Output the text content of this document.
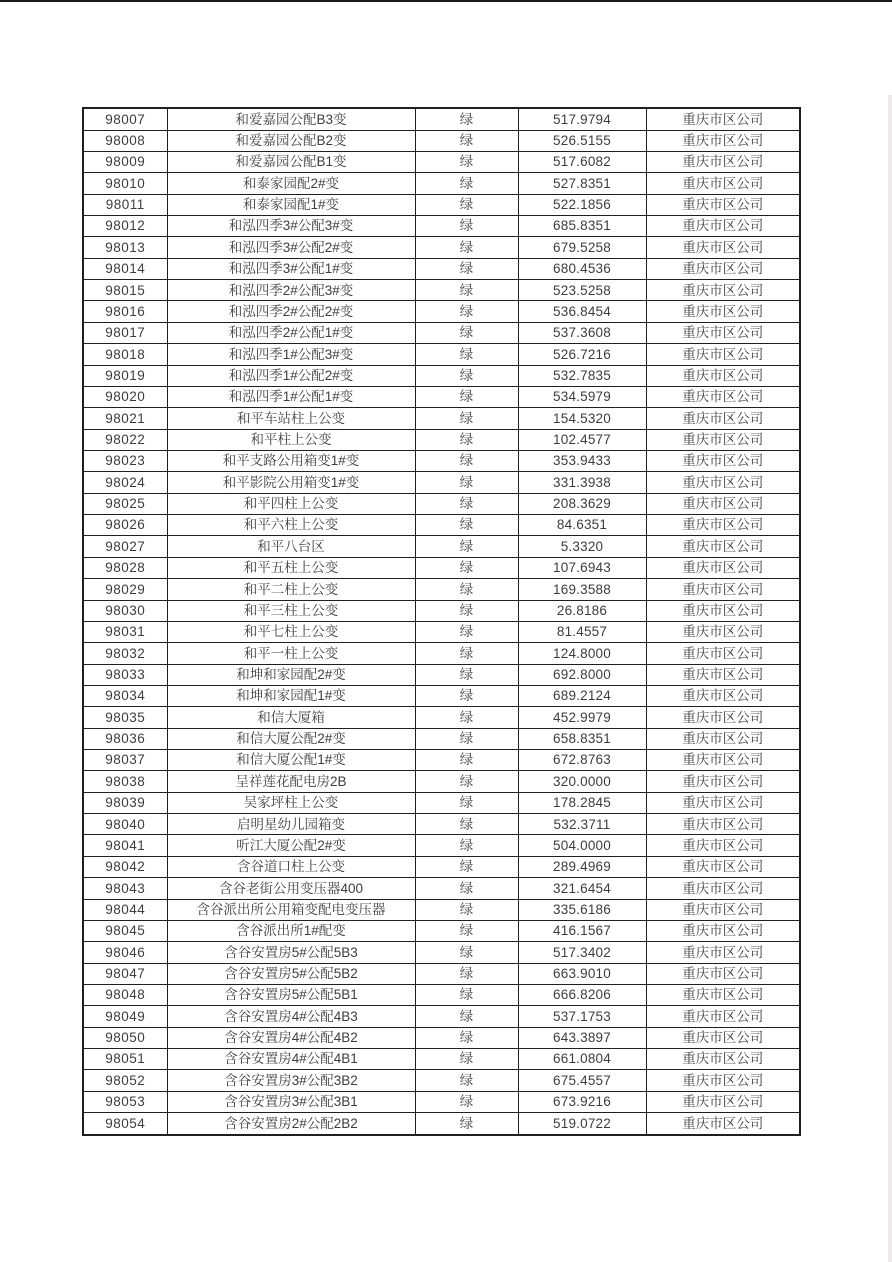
98007	和爱嘉园公配B3变	绿	517.9794	重庆市区公司
98008	和爱嘉园公配B2变	绿	526.5155	重庆市区公司
98009	和爱嘉园公配B1变	绿	517.6082	重庆市区公司
98010	和泰家园配2#变	绿	527.8351	重庆市区公司
98011	和泰家园配1#变	绿	522.1856	重庆市区公司
98012	和泓四季3#公配3#变	绿	685.8351	重庆市区公司
98013	和泓四季3#公配2#变	绿	679.5258	重庆市区公司
98014	和泓四季3#公配1#变	绿	680.4536	重庆市区公司
98015	和泓四季2#公配3#变	绿	523.5258	重庆市区公司
98016	和泓四季2#公配2#变	绿	536.8454	重庆市区公司
98017	和泓四季2#公配1#变	绿	537.3608	重庆市区公司
98018	和泓四季1#公配3#变	绿	526.7216	重庆市区公司
98019	和泓四季1#公配2#变	绿	532.7835	重庆市区公司
98020	和泓四季1#公配1#变	绿	534.5979	重庆市区公司
98021	和平车站柱上公变	绿	154.5320	重庆市区公司
98022	和平柱上公变	绿	102.4577	重庆市区公司
98023	和平支路公用箱变1#变	绿	353.9433	重庆市区公司
98024	和平影院公用箱变1#变	绿	331.3938	重庆市区公司
98025	和平四柱上公变	绿	208.3629	重庆市区公司
98026	和平六柱上公变	绿	84.6351	重庆市区公司
98027	和平八台区	绿	5.3320	重庆市区公司
98028	和平五柱上公变	绿	107.6943	重庆市区公司
98029	和平二柱上公变	绿	169.3588	重庆市区公司
98030	和平三柱上公变	绿	26.8186	重庆市区公司
98031	和平七柱上公变	绿	81.4557	重庆市区公司
98032	和平一柱上公变	绿	124.8000	重庆市区公司
98033	和坤和家园配2#变	绿	692.8000	重庆市区公司
98034	和坤和家园配1#变	绿	689.2124	重庆市区公司
98035	和信大厦箱	绿	452.9979	重庆市区公司
98036	和信大厦公配2#变	绿	658.8351	重庆市区公司
98037	和信大厦公配1#变	绿	672.8763	重庆市区公司
98038	呈祥莲花配电房2B	绿	320.0000	重庆市区公司
98039	吴家坪柱上公变	绿	178.2845	重庆市区公司
98040	启明星幼儿园箱变	绿	532.3711	重庆市区公司
98041	听江大厦公配2#变	绿	504.0000	重庆市区公司
98042	含谷道口柱上公变	绿	289.4969	重庆市区公司
98043	含谷老街公用变压器400	绿	321.6454	重庆市区公司
98044	含谷派出所公用箱变配电变压器	绿	335.6186	重庆市区公司
98045	含谷派出所1#配变	绿	416.1567	重庆市区公司
98046	含谷安置房5#公配5B3	绿	517.3402	重庆市区公司
98047	含谷安置房5#公配5B2	绿	663.9010	重庆市区公司
98048	含谷安置房5#公配5B1	绿	666.8206	重庆市区公司
98049	含谷安置房4#公配4B3	绿	537.1753	重庆市区公司
98050	含谷安置房4#公配4B2	绿	643.3897	重庆市区公司
98051	含谷安置房4#公配4B1	绿	661.0804	重庆市区公司
98052	含谷安置房3#公配3B2	绿	675.4557	重庆市区公司
98053	含谷安置房3#公配3B1	绿	673.9216	重庆市区公司
98054	含谷安置房2#公配2B2	绿	519.0722	重庆市区公司
